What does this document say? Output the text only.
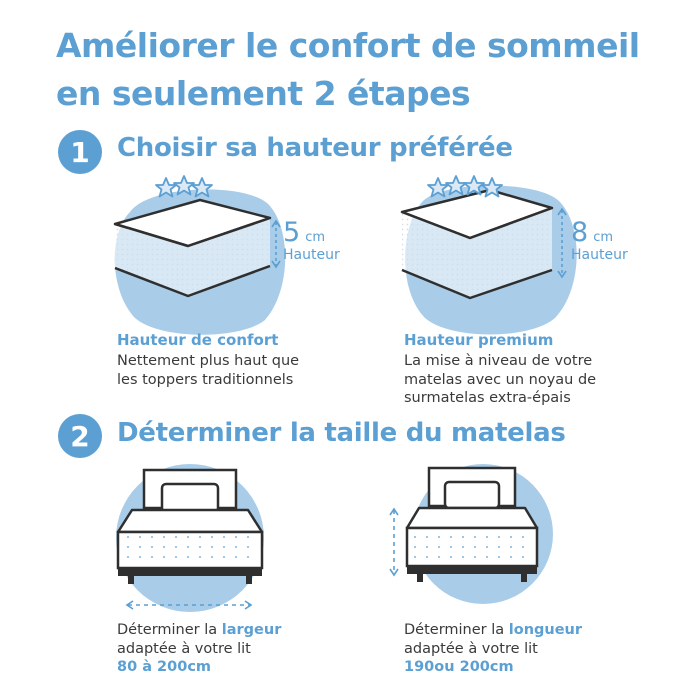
Améliorer le confort de sommeil
en seulement 2 étapes
1 Choisir sa hauteur préférée
5 cm
Hauteur
Hauteur de confort
Nettement plus haut que
les toppers traditionnels
8 cm
Hauteur
Hauteur premium
La mise à niveau de votre
matelas avec un noyau de
surmatelas extra-épais
2 Déterminer la taille du matelas
Déterminer la largeur
adaptée à votre lit
80 à 200cm
Déterminer la longueur
adaptée à votre lit
190ou 200cm
